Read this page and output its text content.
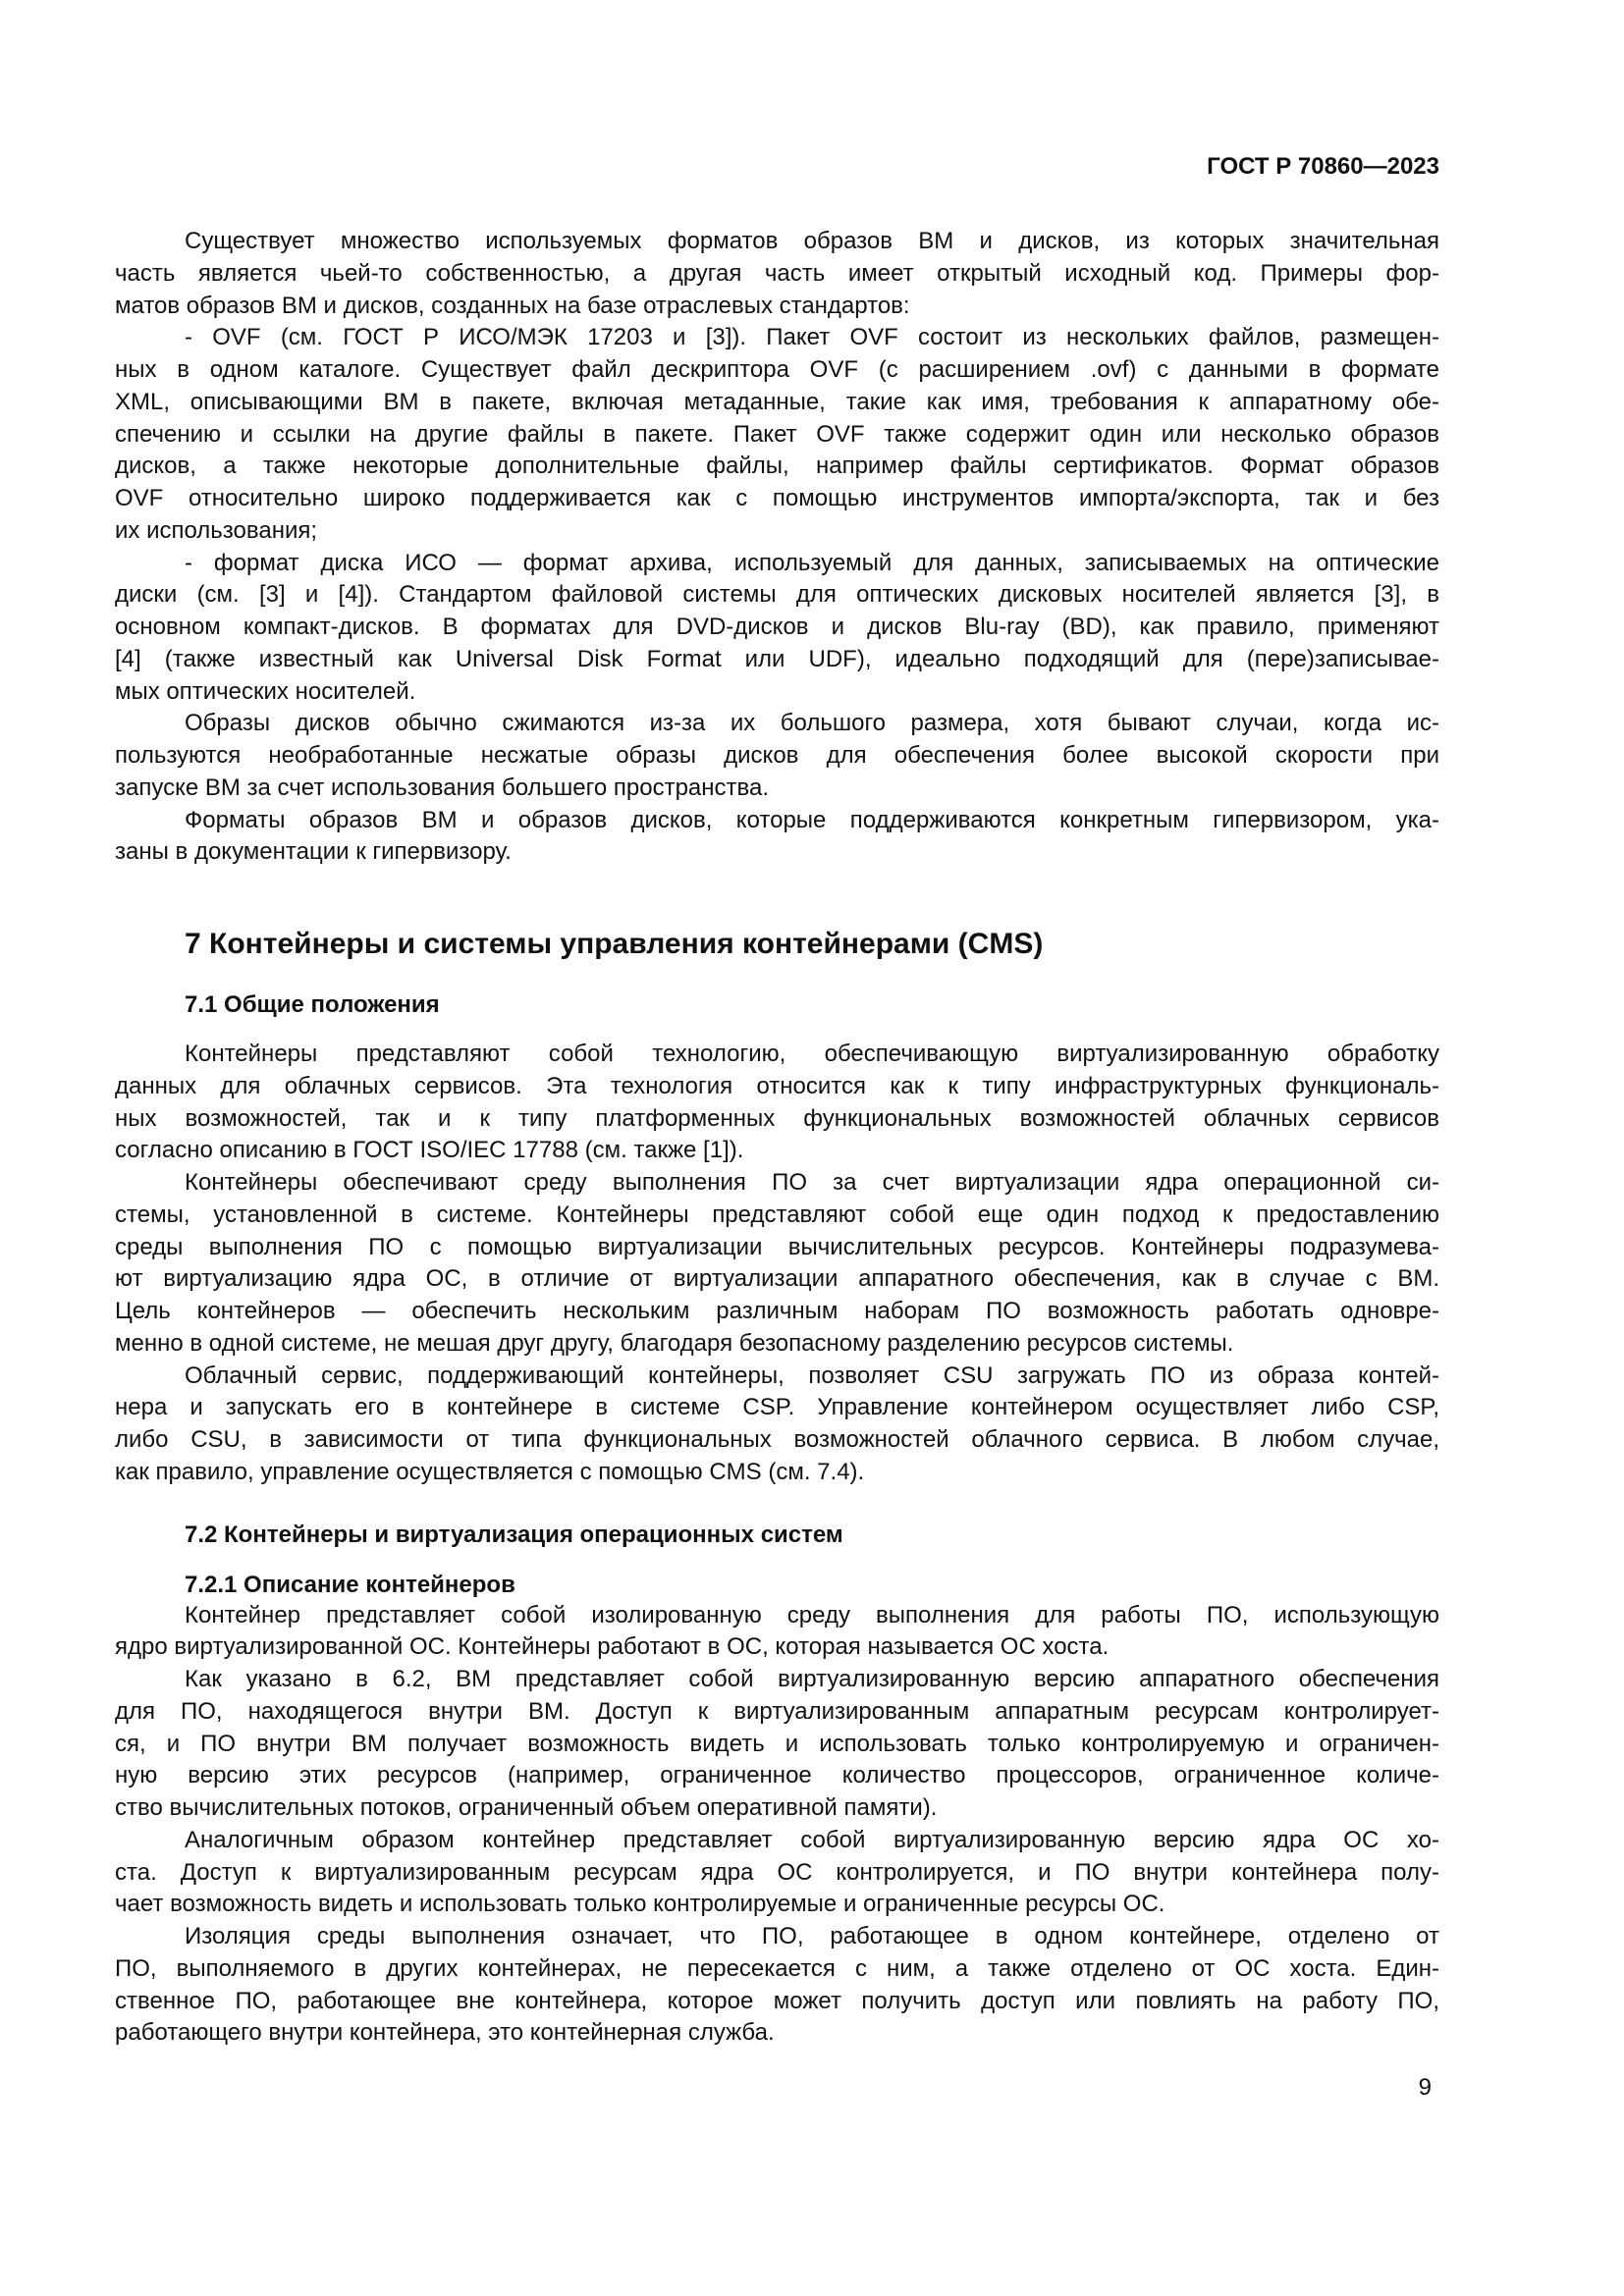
ГОСТ Р 70860—2023
Существует множество используемых форматов образов ВМ и дисков, из которых значительная
часть является чьей-то собственностью, а другая часть имеет открытый исходный код. Примеры фор-
матов образов ВМ и дисков, созданных на базе отраслевых стандартов:
- OVF (см. ГОСТ Р ИСО/МЭК 17203 и [3]). Пакет OVF состоит из нескольких файлов, размещен-
ных в одном каталоге. Существует файл дескриптора OVF (с расширением .ovf) с данными в формате
XML, описывающими ВМ в пакете, включая метаданные, такие как имя, требования к аппаратному обе-
спечению и ссылки на другие файлы в пакете. Пакет OVF также содержит один или несколько образов
дисков, а также некоторые дополнительные файлы, например файлы сертификатов. Формат образов
OVF относительно широко поддерживается как с помощью инструментов импорта/экспорта, так и без
их использования;
- формат диска ИСО — формат архива, используемый для данных, записываемых на оптические
диски (см. [3] и [4]). Стандартом файловой системы для оптических дисковых носителей является [3], в
основном компакт-дисков. В форматах для DVD-дисков и дисков Blu-ray (BD), как правило, применяют
[4] (также известный как Universal Disk Format или UDF), идеально подходящий для (пере)записывае-
мых оптических носителей.
Образы дисков обычно сжимаются из-за их большого размера, хотя бывают случаи, когда ис-
пользуются необработанные несжатые образы дисков для обеспечения более высокой скорости при
запуске ВМ за счет использования большего пространства.
Форматы образов ВМ и образов дисков, которые поддерживаются конкретным гипервизором, ука-
заны в документации к гипервизору.
7 Контейнеры и системы управления контейнерами (CMS)
7.1 Общие положения
Контейнеры представляют собой технологию, обеспечивающую виртуализированную обработку
данных для облачных сервисов. Эта технология относится как к типу инфраструктурных функциональ-
ных возможностей, так и к типу платформенных функциональных возможностей облачных сервисов
согласно описанию в ГОСТ ISO/IEC 17788 (см. также [1]).
Контейнеры обеспечивают среду выполнения ПО за счет виртуализации ядра операционной си-
стемы, установленной в системе. Контейнеры представляют собой еще один подход к предоставлению
среды выполнения ПО с помощью виртуализации вычислительных ресурсов. Контейнеры подразумева-
ют виртуализацию ядра ОС, в отличие от виртуализации аппаратного обеспечения, как в случае с ВМ.
Цель контейнеров — обеспечить нескольким различным наборам ПО возможность работать одновре-
менно в одной системе, не мешая друг другу, благодаря безопасному разделению ресурсов системы.
Облачный сервис, поддерживающий контейнеры, позволяет CSU загружать ПО из образа контей-
нера и запускать его в контейнере в системе CSP. Управление контейнером осуществляет либо CSP,
либо CSU, в зависимости от типа функциональных возможностей облачного сервиса. В любом случае,
как правило, управление осуществляется с помощью CMS (см. 7.4).
7.2 Контейнеры и виртуализация операционных систем
7.2.1 Описание контейнеров
Контейнер представляет собой изолированную среду выполнения для работы ПО, использующую
ядро виртуализированной ОС. Контейнеры работают в ОС, которая называется ОС хоста.
Как указано в 6.2, ВМ представляет собой виртуализированную версию аппаратного обеспечения
для ПО, находящегося внутри ВМ. Доступ к виртуализированным аппаратным ресурсам контролирует-
ся, и ПО внутри ВМ получает возможность видеть и использовать только контролируемую и ограничен-
ную версию этих ресурсов (например, ограниченное количество процессоров, ограниченное количе-
ство вычислительных потоков, ограниченный объем оперативной памяти).
Аналогичным образом контейнер представляет собой виртуализированную версию ядра ОС хо-
ста. Доступ к виртуализированным ресурсам ядра ОС контролируется, и ПО внутри контейнера полу-
чает возможность видеть и использовать только контролируемые и ограниченные ресурсы ОС.
Изоляция среды выполнения означает, что ПО, работающее в одном контейнере, отделено от
ПО, выполняемого в других контейнерах, не пересекается с ним, а также отделено от ОС хоста. Един-
ственное ПО, работающее вне контейнера, которое может получить доступ или повлиять на работу ПО,
работающего внутри контейнера, это контейнерная служба.
9
